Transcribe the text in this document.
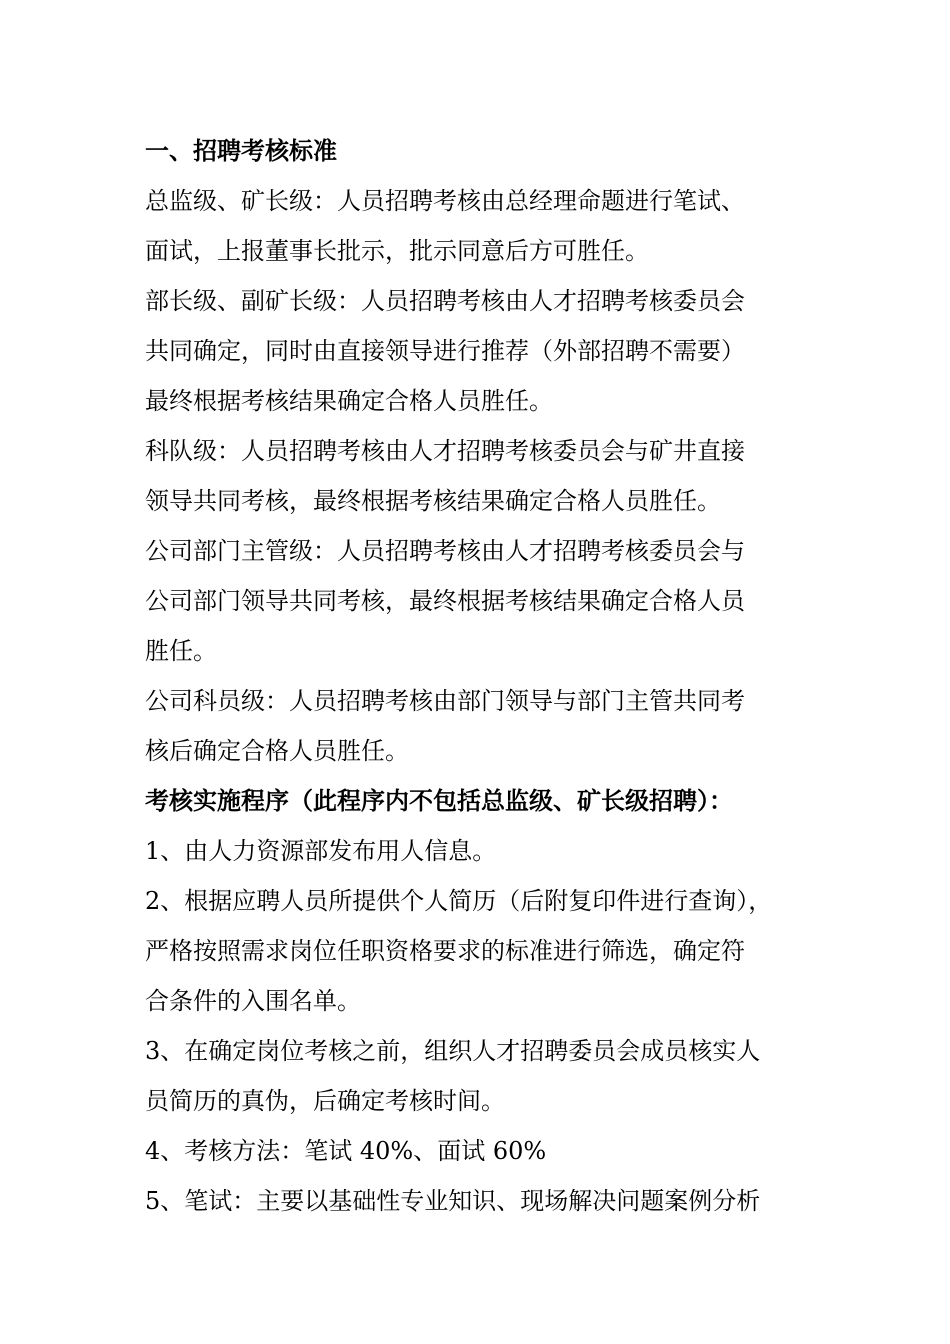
一、招聘考核标准
总监级、矿长级：人员招聘考核由总经理命题进行笔试、
面试，上报董事长批示，批示同意后方可胜任。
部长级、副矿长级：人员招聘考核由人才招聘考核委员会
共同确定，同时由直接领导进行推荐（外部招聘不需要）
最终根据考核结果确定合格人员胜任。
科队级：人员招聘考核由人才招聘考核委员会与矿井直接
领导共同考核，最终根据考核结果确定合格人员胜任。
公司部门主管级：人员招聘考核由人才招聘考核委员会与
公司部门领导共同考核，最终根据考核结果确定合格人员
胜任。
公司科员级：人员招聘考核由部门领导与部门主管共同考
核后确定合格人员胜任。
考核实施程序（此程序内不包括总监级、矿长级招聘）：
1、由人力资源部发布用人信息。
2、根据应聘人员所提供个人简历（后附复印件进行查询），
严格按照需求岗位任职资格要求的标准进行筛选，确定符
合条件的入围名单。
3、在确定岗位考核之前，组织人才招聘委员会成员核实人
员简历的真伪，后确定考核时间。
4、考核方法：笔试 40%、面试 60%
5、笔试：主要以基础性专业知识、现场解决问题案例分析
